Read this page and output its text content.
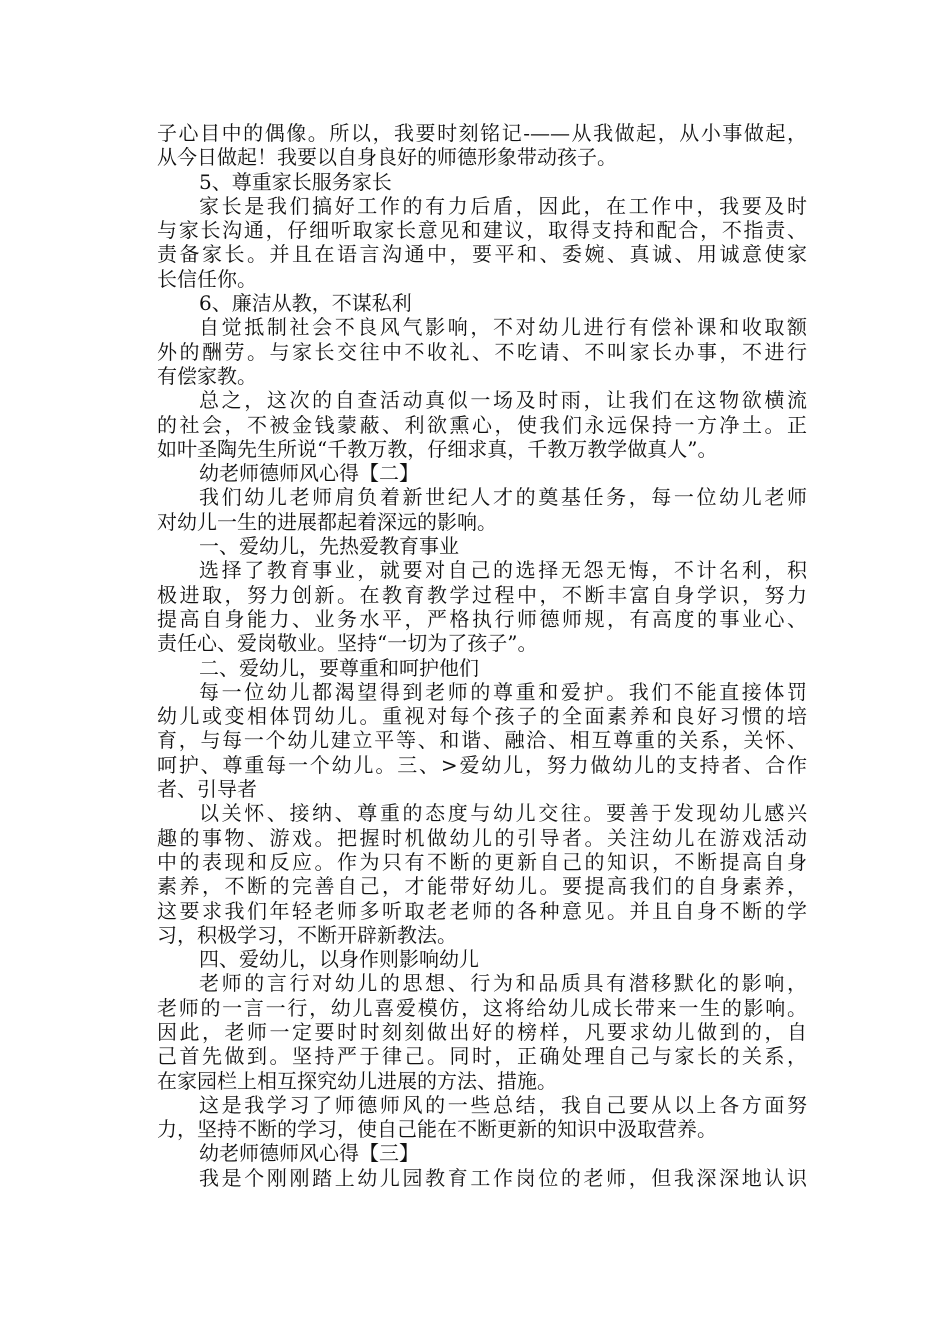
子心目中的偶像。所以，我要时刻铭记-——从我做起，从小事做起，
从今日做起！我要以自身良好的师德形象带动孩子。
5、尊重家长服务家长
家长是我们搞好工作的有力后盾，因此，在工作中，我要及时
与家长沟通，仔细听取家长意见和建议，取得支持和配合，不指责、
责备家长。并且在语言沟通中，要平和、委婉、真诚、用诚意使家
长信任你。
6、廉洁从教，不谋私利
自觉抵制社会不良风气影响，不对幼儿进行有偿补课和收取额
外的酬劳。与家长交往中不收礼、不吃请、不叫家长办事，不进行
有偿家教。
总之，这次的自查活动真似一场及时雨，让我们在这物欲横流
的社会，不被金钱蒙蔽、利欲熏心，使我们永远保持一方净土。正
如叶圣陶先生所说“千教万教，仔细求真，千教万教学做真人”。
幼老师德师风心得【二】
我们幼儿老师肩负着新世纪人才的奠基任务，每一位幼儿老师
对幼儿一生的进展都起着深远的影响。
一、爱幼儿，先热爱教育事业
选择了教育事业，就要对自己的选择无怨无悔，不计名利，积
极进取，努力创新。在教育教学过程中，不断丰富自身学识，努力
提高自身能力、业务水平，严格执行师德师规，有高度的事业心、
责任心、爱岗敬业。坚持“一切为了孩子”。
二、爱幼儿，要尊重和呵护他们
每一位幼儿都渴望得到老师的尊重和爱护。我们不能直接体罚
幼儿或变相体罚幼儿。重视对每个孩子的全面素养和良好习惯的培
育，与每一个幼儿建立平等、和谐、融洽、相互尊重的关系，关怀、
呵护、尊重每一个幼儿。三、>爱幼儿，努力做幼儿的支持者、合作
者、引导者
以关怀、接纳、尊重的态度与幼儿交往。要善于发现幼儿感兴
趣的事物、游戏。把握时机做幼儿的引导者。关注幼儿在游戏活动
中的表现和反应。作为只有不断的更新自己的知识，不断提高自身
素养，不断的完善自己，才能带好幼儿。要提高我们的自身素养，
这要求我们年轻老师多听取老老师的各种意见。并且自身不断的学
习，积极学习，不断开辟新教法。
四、爱幼儿，以身作则影响幼儿
老师的言行对幼儿的思想、行为和品质具有潜移默化的影响，
老师的一言一行，幼儿喜爱模仿，这将给幼儿成长带来一生的影响。
因此，老师一定要时时刻刻做出好的榜样，凡要求幼儿做到的，自
己首先做到。坚持严于律己。同时，正确处理自己与家长的关系，
在家园栏上相互探究幼儿进展的方法、措施。
这是我学习了师德师风的一些总结，我自己要从以上各方面努
力，坚持不断的学习，使自己能在不断更新的知识中汲取营养。
幼老师德师风心得【三】
我是个刚刚踏上幼儿园教育工作岗位的老师，但我深深地认识
